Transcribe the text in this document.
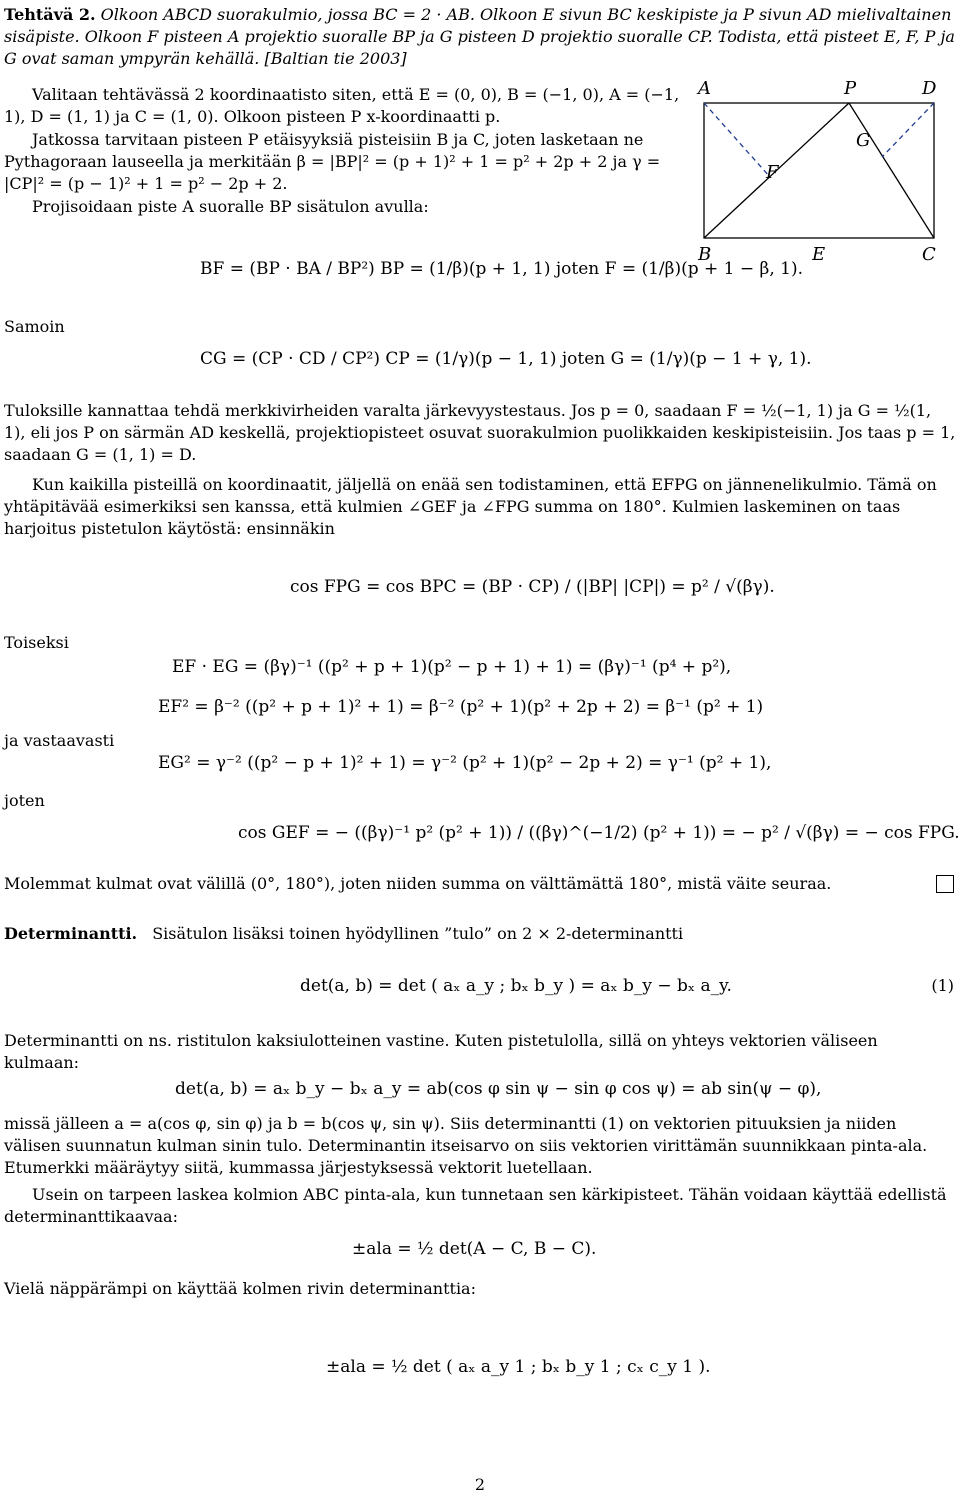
Tehtävä 2. Olkoon ABCD suorakulmio, jossa BC = 2 · AB. Olkoon E sivun BC keskipiste ja P sivun AD mielivaltainen sisäpiste. Olkoon F pisteen A projektio suoralle BP ja G pisteen D projektio suoralle CP. Todista, että pisteet E, F, P ja G ovat saman ympyrän kehällä. [Baltian tie 2003]
A	P	D
G
F
B	E	C
Valitaan tehtävässä 2 koordinaatisto siten, että E = (0, 0), B = (−1, 0), A = (−1, 1), D = (1, 1) ja C = (1, 0). Olkoon pisteen P x-koordinaatti p.
Jatkossa tarvitaan pisteen P etäisyyksiä pisteisiin B ja C, joten lasketaan ne Pythagoraan lauseella ja merkitään β = |BP|² = (p + 1)² + 1 = p² + 2p + 2 ja γ = |CP|² = (p − 1)² + 1 = p² − 2p + 2.
Projisoidaan piste A suoralle BP sisätulon avulla:
BF = (BP · BA / BP²) BP = (1/β)(p + 1, 1) joten F = (1/β)(p + 1 − β, 1).
Samoin
CG = (CP · CD / CP²) CP = (1/γ)(p − 1, 1) joten G = (1/γ)(p − 1 + γ, 1).
Tuloksille kannattaa tehdä merkkivirheiden varalta järkevyystestaus. Jos p = 0, saadaan F = ½(−1, 1) ja G = ½(1, 1), eli jos P on särmän AD keskellä, projektiopisteet osuvat suorakulmion puolikkaiden keskipisteisiin. Jos taas p = 1, saadaan G = (1, 1) = D.
Kun kaikilla pisteillä on koordinaatit, jäljellä on enää sen todistaminen, että EFPG on jännenelikulmio. Tämä on yhtäpitävää esimerkiksi sen kanssa, että kulmien ∠GEF ja ∠FPG summa on 180°. Kulmien laskeminen on taas harjoitus pistetulon käytöstä: ensinnäkin
cos FPG = cos BPC = (BP · CP) / (|BP| |CP|) = p² / √(βγ).
Toiseksi
EF · EG = (βγ)⁻¹ ((p² + p + 1)(p² − p + 1) + 1) = (βγ)⁻¹ (p⁴ + p²),
EF² = β⁻² ((p² + p + 1)² + 1) = β⁻² (p² + 1)(p² + 2p + 2) = β⁻¹ (p² + 1)
ja vastaavasti
EG² = γ⁻² ((p² − p + 1)² + 1) = γ⁻² (p² + 1)(p² − 2p + 2) = γ⁻¹ (p² + 1),
joten
cos GEF = − ((βγ)⁻¹ p² (p² + 1)) / ((βγ)^(−1/2) (p² + 1)) = − p² / √(βγ) = − cos FPG.
Molemmat kulmat ovat välillä (0°, 180°), joten niiden summa on välttämättä 180°, mistä väite seuraa.
Determinantti. Sisätulon lisäksi toinen hyödyllinen ”tulo” on 2 × 2-determinantti
det(a, b) = det ( aₓ a_y ; bₓ b_y ) = aₓ b_y − bₓ a_y.	(1)
Determinantti on ns. ristitulon kaksiulotteinen vastine. Kuten pistetulolla, sillä on yhteys vektorien väliseen kulmaan:
det(a, b) = aₓ b_y − bₓ a_y = ab(cos φ sin ψ − sin φ cos ψ) = ab sin(ψ − φ),
missä jälleen a = a(cos φ, sin φ) ja b = b(cos ψ, sin ψ). Siis determinantti (1) on vektorien pituuksien ja niiden välisen suunnatun kulman sinin tulo. Determinantin itseisarvo on siis vektorien virittämän suunnikkaan pinta-ala. Etumerkki määräytyy siitä, kummassa järjestyksessä vektorit luetellaan.
Usein on tarpeen laskea kolmion ABC pinta-ala, kun tunnetaan sen kärkipisteet. Tähän voidaan käyttää edellistä determinanttikaavaa:
±ala = ½ det(A − C, B − C).
Vielä näppärämpi on käyttää kolmen rivin determinanttia:
±ala = ½ det ( aₓ a_y 1 ; bₓ b_y 1 ; cₓ c_y 1 ).
2
